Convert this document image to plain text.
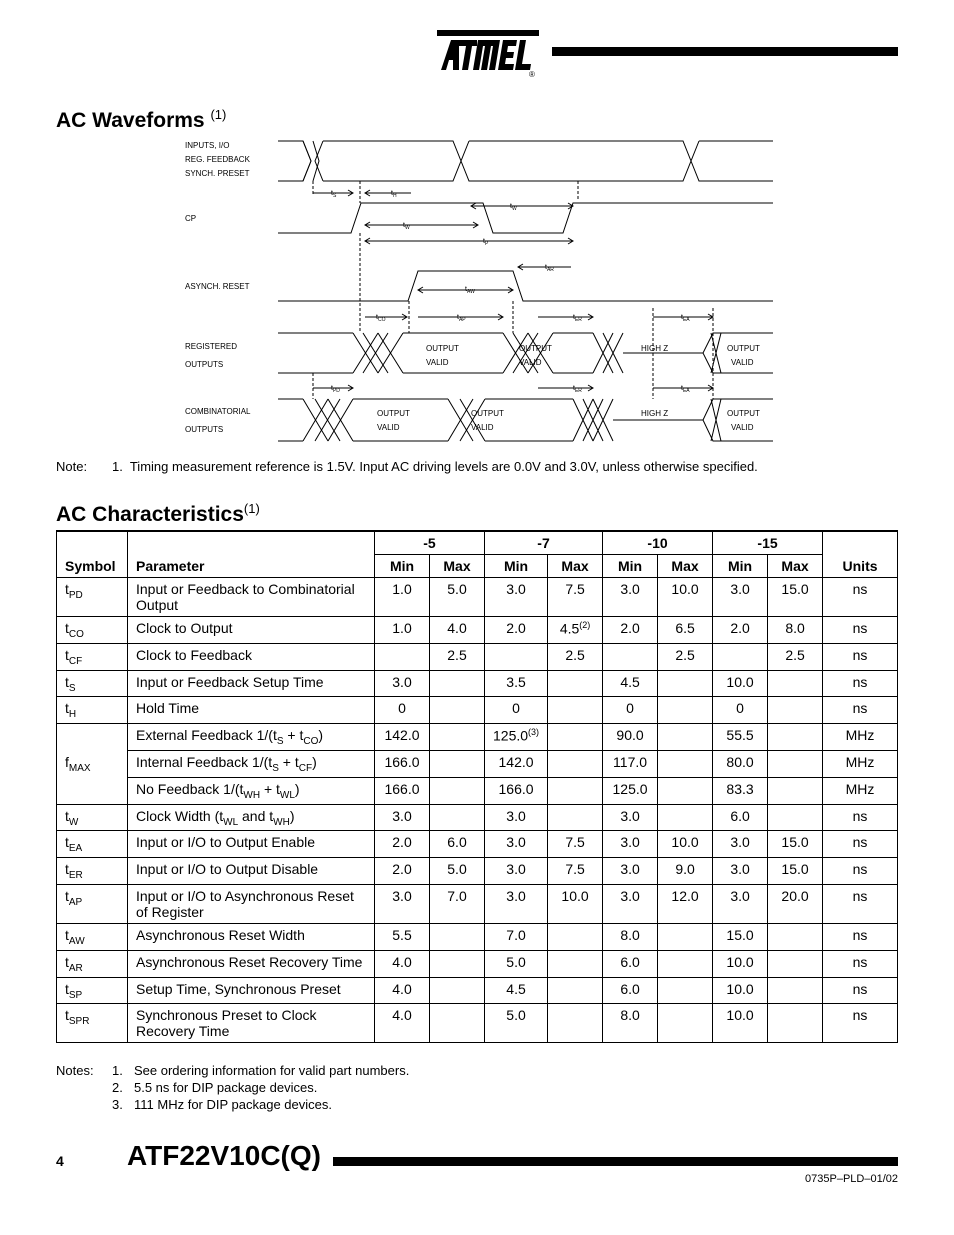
®
AC Waveforms $^{(1)}$
INPUTS, I/O
REG. FEEDBACK
SYNCH. PRESET
CP
ASYNCH. RESET
REGISTERED
OUTPUTS
COMBINATORIAL
OUTPUTS
$t_S$	$t_H$
$t_W$
$t_W$
$t_P$
$t_{AR}$
$t_{AW}$
$t_{CO}$	$t_{AP}$	$t_{ER}$	$t_{EA}$
$t_{PD}$	$t_{ER}$	$t_{EA}$
OUTPUT
VALID
OUTPUT
VALID
HIGH Z	OUTPUT
VALID
OUTPUT
VALID
OUTPUT
VALID
HIGH Z	OUTPUT
VALID
Note: 1. Timing measurement reference is 1.5V. Input AC driving levels are 0.0V and 3.0V, unless otherwise specified.
AC Characteristics$^{(1)}$
Symbol	Parameter	-5		-7		-10		-15		Units
		Min	Max	Min	Max	Min	Max	Min	Max	
$t_{PD}$	Input or Feedback to Combinatorial Output	1.0	5.0	3.0	7.5	3.0	10.0	3.0	15.0	ns
$t_{CO}$	Clock to Output	1.0	4.0	2.0	4.5$^{(2)}$	2.0	6.5	2.0	8.0	ns
$t_{CF}$	Clock to Feedback		2.5		2.5		2.5		2.5	ns
$t_S$	Input or Feedback Setup Time	3.0		3.5		4.5		10.0		ns
$t_H$	Hold Time	0		0		0		0		ns
$f_{MAX}$	External Feedback $1/(t_S + t_{CO})$	142.0		125.0$^{(3)}$		90.0		55.5		MHz
	Internal Feedback $1/(t_S + t_{CF})$	166.0		142.0		117.0		80.0		MHz
	No Feedback $1/(t_{WH} + t_{WL})$	166.0		166.0		125.0		83.3		MHz
$t_W$	Clock Width ($t_{WL}$ and $t_{WH}$)	3.0		3.0		3.0		6.0		ns
$t_{EA}$	Input or I/O to Output Enable	2.0	6.0	3.0	7.5	3.0	10.0	3.0	15.0	ns
$t_{ER}$	Input or I/O to Output Disable	2.0	5.0	3.0	7.5	3.0	9.0	3.0	15.0	ns
$t_{AP}$	Input or I/O to Asynchronous Reset of Register	3.0	7.0	3.0	10.0	3.0	12.0	3.0	20.0	ns
$t_{AW}$	Asynchronous Reset Width	5.5		7.0		8.0		15.0		ns
$t_{AR}$	Asynchronous Reset Recovery Time	4.0		5.0		6.0		10.0		ns
$t_{SP}$	Setup Time, Synchronous Preset	4.0		4.5		6.0		10.0		ns
$t_{SPR}$	Synchronous Preset to Clock Recovery Time	4.0		5.0		8.0		10.0		ns
Notes:	1. See ordering information for valid part numbers.
2. 5.5 ns for DIP package devices.
3. 111 MHz for DIP package devices.
4 ATF22V10C(Q)
0735P–PLD–01/02
